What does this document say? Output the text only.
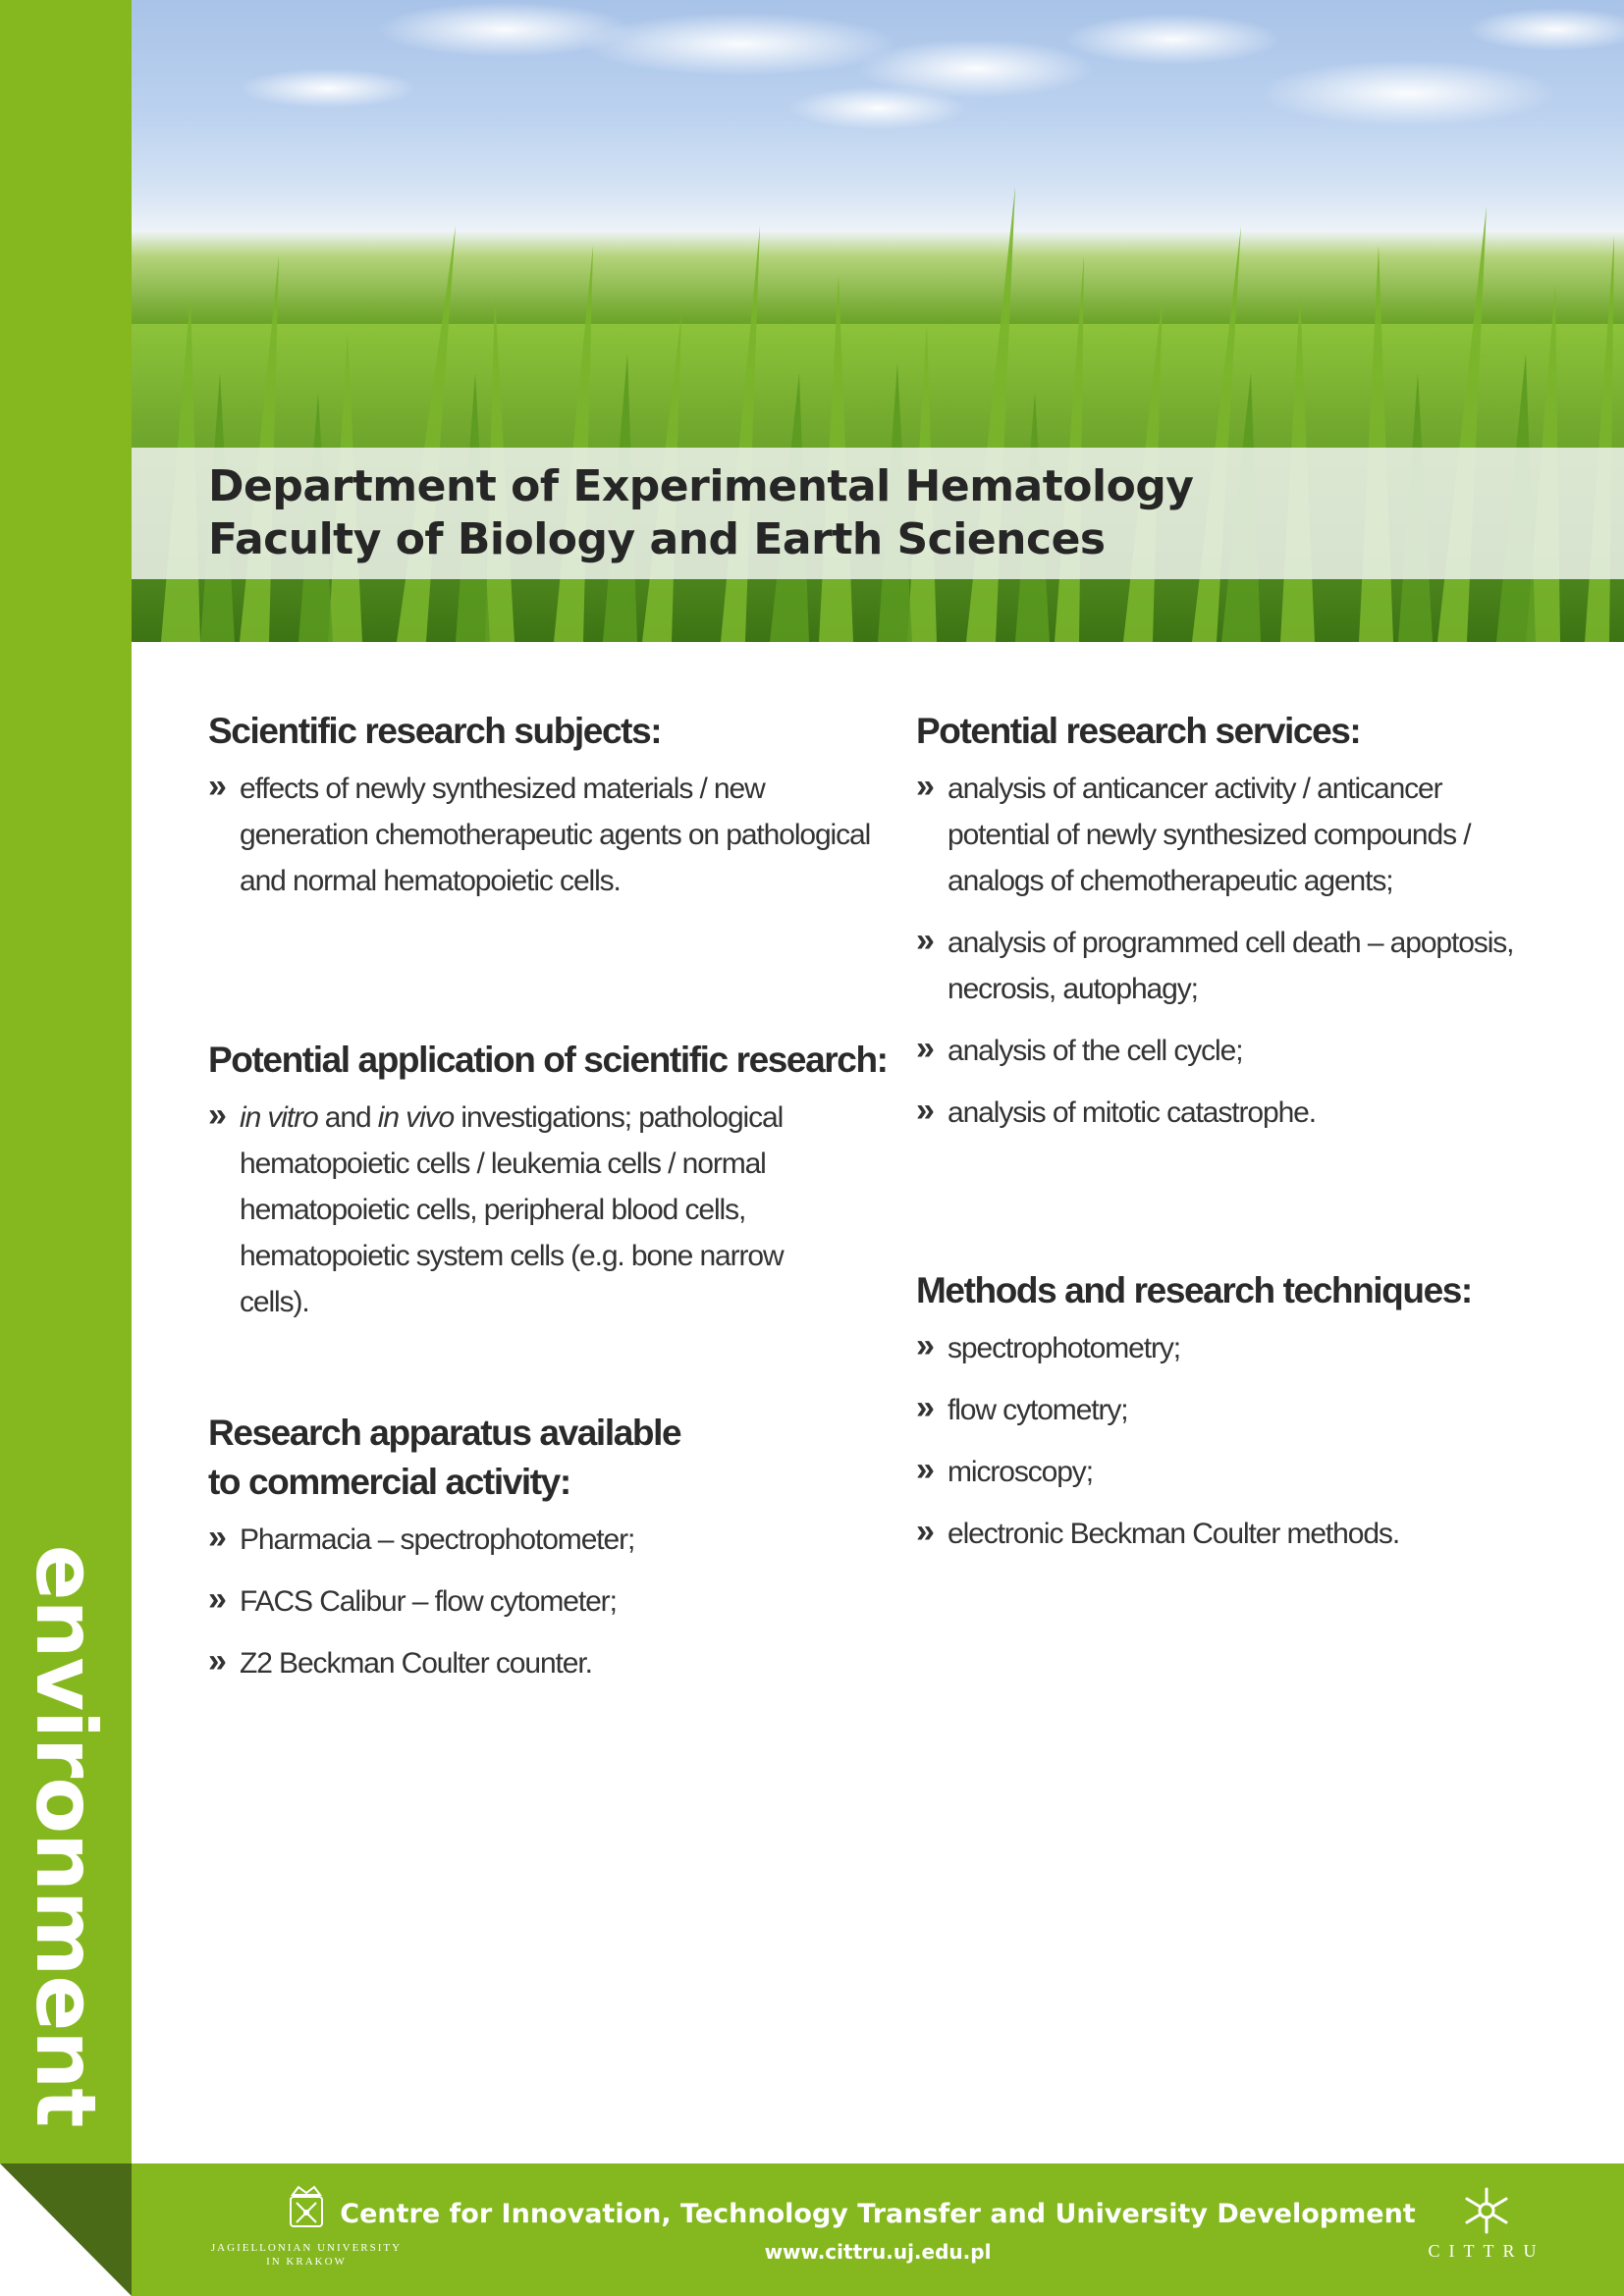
environment
Department of Experimental Hematology
Faculty of Biology and Earth Sciences
Scientific research subjects:
» effects of newly synthesized materials / new generation chemotherapeutic agents on pathological and normal hematopoietic cells.
Potential application of scientific research:
» in vitro and in vivo investigations; pathological hematopoietic cells / leukemia cells / normal hematopoietic cells, peripheral blood cells, hematopoietic system cells (e.g. bone narrow cells).
Research apparatus available
to commercial activity:
» Pharmacia – spectrophotometer;
» FACS Calibur – flow cytometer;
» Z2 Beckman Coulter counter.
Potential research services:
» analysis of anticancer activity / anticancer potential of newly synthesized compounds / analogs of chemotherapeutic agents;
» analysis of programmed cell death – apoptosis, necrosis, autophagy;
» analysis of the cell cycle;
» analysis of mitotic catastrophe.
Methods and research techniques:
» spectrophotometry;
» flow cytometry;
» microscopy;
» electronic Beckman Coulter methods.
JAGIELLONIAN UNIVERSITY
IN KRAKOW
Centre for Innovation, Technology Transfer and University Development
www.cittru.uj.edu.pl	CITTRU
